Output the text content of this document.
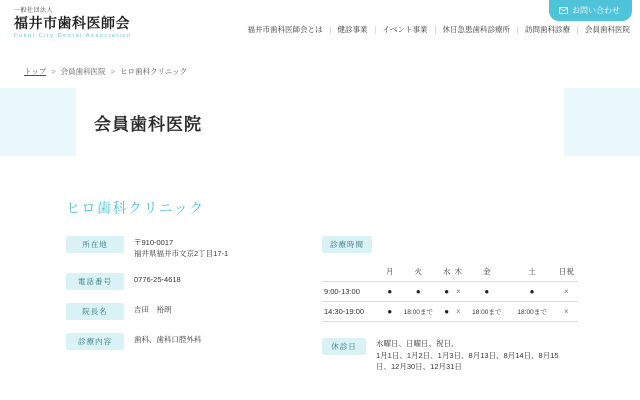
一般社団法人
福井市歯科医師会
Fukui City Dental Association
お問い合わせ
福井市歯科医師会とは	健診事業	イベント事業	休日急患歯科診療所	訪問歯科診療	会員歯科医院
トップ > 会員歯科医院 > ヒロ歯科クリニック
会員歯科医院
ヒロ歯科クリニック
所在地	〒910-0017
福井県福井市文京2丁目17-1
電話番号	0776-25-4618
院長名	吉田　裕朗
診療内容	歯科、歯科口腔外科
診療時間
	月	火	水	木	金	土	日祝
9:00-13:00	●	●	●	×	●	●	×
14:30-19:00	●	18:00まで	●	×	18:00まで	18:00まで	×
休診日	水曜日、日曜日、祝日、
1月1日、1月2日、1月3日、8月13日、8月14日、8月15日、12月30日、12月31日
